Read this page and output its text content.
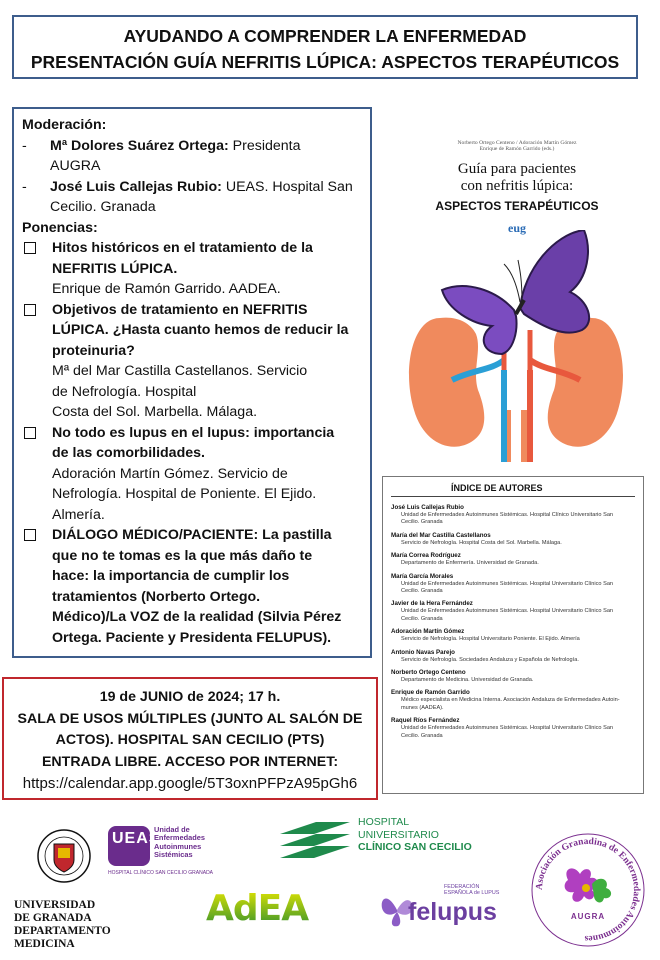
AYUDANDO A COMPRENDER LA ENFERMEDAD
PRESENTACIÓN GUÍA NEFRITIS LÚPICA: ASPECTOS TERAPÉUTICOS
Moderación:
-	Mª Dolores Suárez Ortega: Presidenta
AUGRA
-	José Luis Callejas Rubio: UEAS. Hospital San
Cecilio. Granada
Ponencias:
Hitos históricos en el tratamiento de la
NEFRITIS LÚPICA.
Enrique de Ramón Garrido. AADEA.
Objetivos de tratamiento en NEFRITIS
LÚPICA. ¿Hasta cuanto hemos de reducir la
proteinuria?
Mª del Mar Castilla Castellanos. Servicio
de Nefrología. Hospital
Costa del Sol. Marbella. Málaga.
No todo es lupus en el lupus: importancia
de las comorbilidades.
Adoración Martín Gómez. Servicio de
Nefrología. Hospital de Poniente. El Ejido.
Almería.
DIÁLOGO MÉDICO/PACIENTE: La pastilla
que no te tomas es la que más daño te
hace: la importancia de cumplir los
tratamientos (Norberto Ortego.
Médico)/La VOZ de la realidad (Silvia Pérez
Ortega. Paciente y Presidenta FELUPUS).
19 de JUNIO de 2024; 17 h.
SALA DE USOS MÚLTIPLES (JUNTO AL SALÓN DE
ACTOS). HOSPITAL SAN CECILIO (PTS)
ENTRADA LIBRE. ACCESO POR INTERNET:
https://calendar.app.google/5T3oxnPFPzA95pGh6
Norberto Ortego Centeno / Adoración Martín Gómez
Enrique de Ramón Garrido (eds.)
Guía para pacientes
con nefritis lúpica:
ASPECTOS TERAPÉUTICOS
eug
ÍNDICE DE AUTORES
José Luis Callejas Rubio
Unidad de Enfermedades Autoinmunes Sistémicas. Hospital Clínico Universitario San
Cecilio. Granada
María del Mar Castilla Castellanos
Servicio de Nefrología. Hospital Costa del Sol. Marbella. Málaga.
María Correa Rodríguez
Departamento de Enfermería. Universidad de Granada.
María García Morales
Unidad de Enfermedades Autoinmunes Sistémicas. Hospital Universitario Clínico San
Cecilio. Granada
Javier de la Hera Fernández
Unidad de Enfermedades Autoinmunes Sistémicas. Hospital Universitario Clínico San
Cecilio. Granada
Adoración Martín Gómez
Servicio de Nefrología. Hospital Universitario Poniente. El Ejido. Almería
Antonio Navas Parejo
Servicio de Nefrología. Sociedades Andaluza y Española de Nefrología.
Norberto Ortego Centeno
Departamento de Medicina. Universidad de Granada.
Enrique de Ramón Garrido
Médico especialista en Medicina Interna. Asociación Andaluza de Enfermedades Autoin-
munes (AADEA).
Raquel Ríos Fernández
Unidad de Enfermedades Autoinmunes Sistémicas. Hospital Universitario Clínico San
Cecilio. Granada
UNIVERSIDAD
DE GRANADA
DEPARTAMENTO
MEDICINA
UEAS
Unidad de
Enfermedades
Autoinmunes
Sistémicas
HOSPITAL CLÍNICO SAN CECILIO GRANADA
HOSPITAL
UNIVERSITARIO
CLÍNICO SAN CECILIO
AdEA
FEDERACIÓN
ESPAÑOLA de LUPUS
felupus
Asociación Granadina de Enfermedades Autoinmunes
AUGRA
